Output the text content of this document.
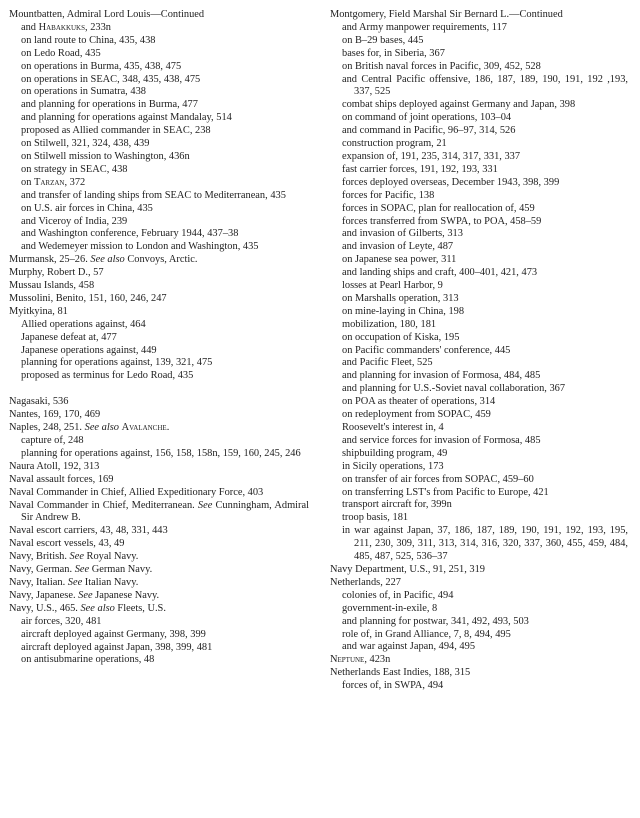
Mountbatten, Admiral Lord Louis—Continued
and Habakkuks, 233n
on land route to China, 435, 438
on Ledo Road, 435
on operations in Burma, 435, 438, 475
on operations in SEAC, 348, 435, 438, 475
on operations in Sumatra, 438
and planning for operations in Burma, 477
and planning for operations against Mandalay, 514
proposed as Allied commander in SEAC, 238
on Stilwell, 321, 324, 438, 439
on Stilwell mission to Washington, 436n
on strategy in SEAC, 438
on Tarzan, 372
and transfer of landing ships from SEAC to Mediterranean, 435
on U.S. air forces in China, 435
and Viceroy of India, 239
and Washington conference, February 1944, 437–38
and Wedemeyer mission to London and Washington, 435
Murmansk, 25–26. See also Convoys, Arctic.
Murphy, Robert D., 57
Mussau Islands, 458
Mussolini, Benito, 151, 160, 246, 247
Myitkyina, 81
Allied operations against, 464
Japanese defeat at, 477
Japanese operations against, 449
planning for operations against, 139, 321, 475
proposed as terminus for Ledo Road, 435
Nagasaki, 536
Nantes, 169, 170, 469
Naples, 248, 251. See also Avalanche.
capture of, 248
planning for operations against, 156, 158, 158n, 159, 160, 245, 246
Naura Atoll, 192, 313
Naval assault forces, 169
Naval Commander in Chief, Allied Expeditionary Force, 403
Naval Commander in Chief, Mediterranean. See Cunningham, Admiral Sir Andrew B.
Naval escort carriers, 43, 48, 331, 443
Naval escort vessels, 43, 49
Navy, British. See Royal Navy.
Navy, German. See German Navy.
Navy, Italian. See Italian Navy.
Navy, Japanese. See Japanese Navy.
Navy, U.S., 465. See also Fleets, U.S.
air forces, 320, 481
aircraft deployed against Germany, 398, 399
aircraft deployed against Japan, 398, 399, 481
on antisubmarine operations, 48
Montgomery, Field Marshal Sir Bernard L.—Continued
and Army manpower requirements, 117
on B–29 bases, 445
bases for, in Siberia, 367
on British naval forces in Pacific, 309, 452, 528
and Central Pacific offensive, 186, 187, 189, 190, 191, 192 ,193, 337, 525
combat ships deployed against Germany and Japan, 398
on command of joint operations, 103–04
and command in Pacific, 96–97, 314, 526
construction program, 21
expansion of, 191, 235, 314, 317, 331, 337
fast carrier forces, 191, 192, 193, 331
forces deployed overseas, December 1943, 398, 399
forces for Pacific, 138
forces in SOPAC, plan for reallocation of, 459
forces transferred from SWPA, to POA, 458–59
and invasion of Gilberts, 313
and invasion of Leyte, 487
on Japanese sea power, 311
and landing ships and craft, 400–401, 421, 473
losses at Pearl Harbor, 9
on Marshalls operation, 313
on mine-laying in China, 198
mobilization, 180, 181
on occupation of Kiska, 195
on Pacific commanders' conference, 445
and Pacific Fleet, 525
and planning for invasion of Formosa, 484, 485
and planning for U.S.-Soviet naval collaboration, 367
on POA as theater of operations, 314
on redeployment from SOPAC, 459
Roosevelt's interest in, 4
and service forces for invasion of Formosa, 485
shipbuilding program, 49
in Sicily operations, 173
on transfer of air forces from SOPAC, 459–60
on transferring LST's from Pacific to Europe, 421
transport aircraft for, 399n
troop basis, 181
in war against Japan, 37, 186, 187, 189, 190, 191, 192, 193, 195, 211, 230, 309, 311, 313, 314, 316, 320, 337, 360, 455, 459, 484, 485, 487, 525, 536–37
Navy Department, U.S., 91, 251, 319
Netherlands, 227
colonies of, in Pacific, 494
government-in-exile, 8
and planning for postwar, 341, 492, 493, 503
role of, in Grand Alliance, 7, 8, 494, 495
and war against Japan, 494, 495
Neptune, 423n
Netherlands East Indies, 188, 315
forces of, in SWPA, 494
